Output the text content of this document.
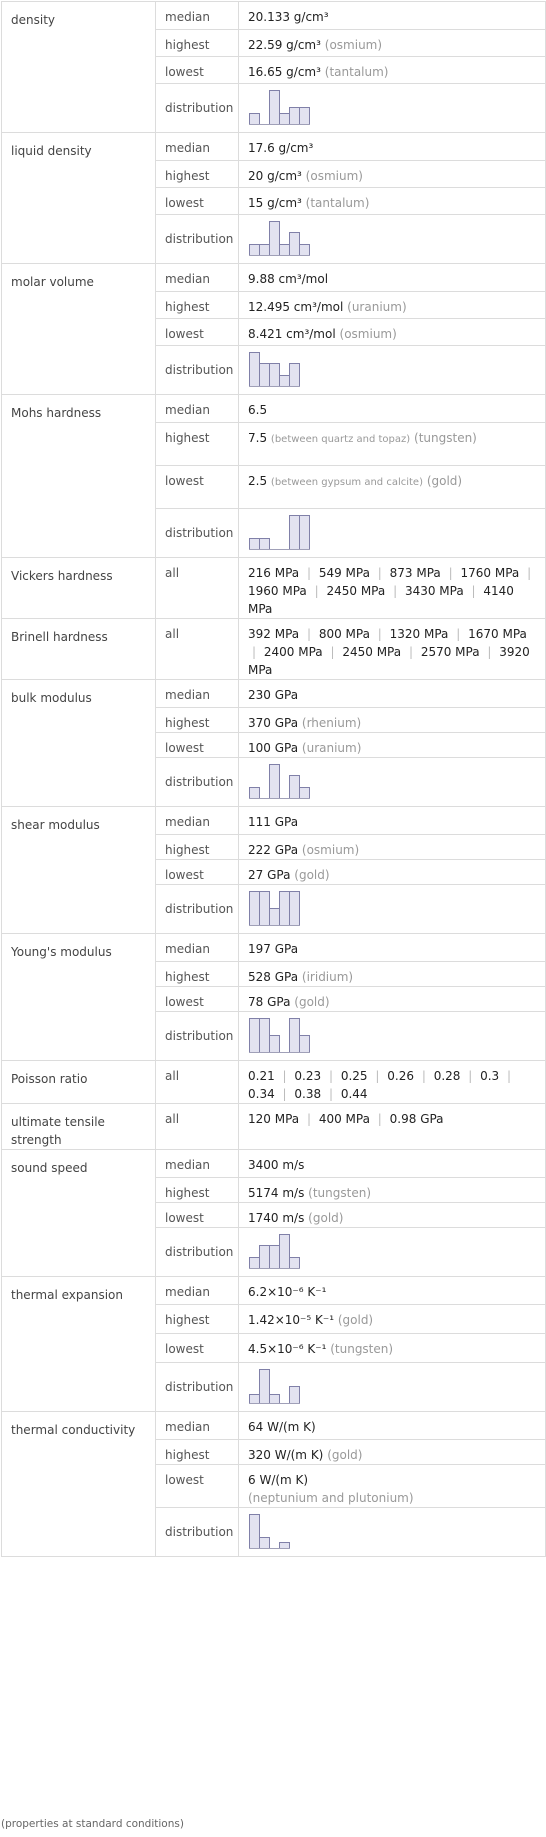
density	median	20.133 g/cm³
	highest	22.59 g/cm³ (osmium)
	lowest	16.65 g/cm³ (tantalum)
	distribution	

liquid density	median	17.6 g/cm³
	highest	20 g/cm³ (osmium)
	lowest	15 g/cm³ (tantalum)
	distribution	

molar volume	median	9.88 cm³/mol
	highest	12.495 cm³/mol (uranium)
	lowest	8.421 cm³/mol (osmium)
	distribution	

Mohs hardness	median	6.5
	highest	7.5 (between quartz and topaz) (tungsten)
	lowest	2.5 (between gypsum and calcite) (gold)
	distribution	

Vickers hardness	all	216 MPa | 549 MPa | 873 MPa | 1760 MPa | 1960 MPa | 2450 MPa | 3430 MPa | 4140 MPa
Brinell hardness	all	392 MPa | 800 MPa | 1320 MPa | 1670 MPa | 2400 MPa | 2450 MPa | 2570 MPa | 3920 MPa
bulk modulus	median	230 GPa
	highest	370 GPa (rhenium)
	lowest	100 GPa (uranium)
	distribution	

shear modulus	median	111 GPa
	highest	222 GPa (osmium)
	lowest	27 GPa (gold)
	distribution	

Young's modulus	median	197 GPa
	highest	528 GPa (iridium)
	lowest	78 GPa (gold)
	distribution	

Poisson ratio	all	0.21 | 0.23 | 0.25 | 0.26 | 0.28 | 0.3 | 0.34 | 0.38 | 0.44
ultimate tensile strength	all	120 MPa | 400 MPa | 0.98 GPa
sound speed	median	3400 m/s
	highest	5174 m/s (tungsten)
	lowest	1740 m/s (gold)
	distribution	

thermal expansion	median	6.2×10⁻⁶ K⁻¹
	highest	1.42×10⁻⁵ K⁻¹ (gold)
	lowest	4.5×10⁻⁶ K⁻¹ (tungsten)
	distribution	

thermal conductivity	median	64 W/(m K)
	highest	320 W/(m K) (gold)
	lowest	6 W/(m K)
(neptunium and plutonium)
	distribution	
(properties at standard conditions)
